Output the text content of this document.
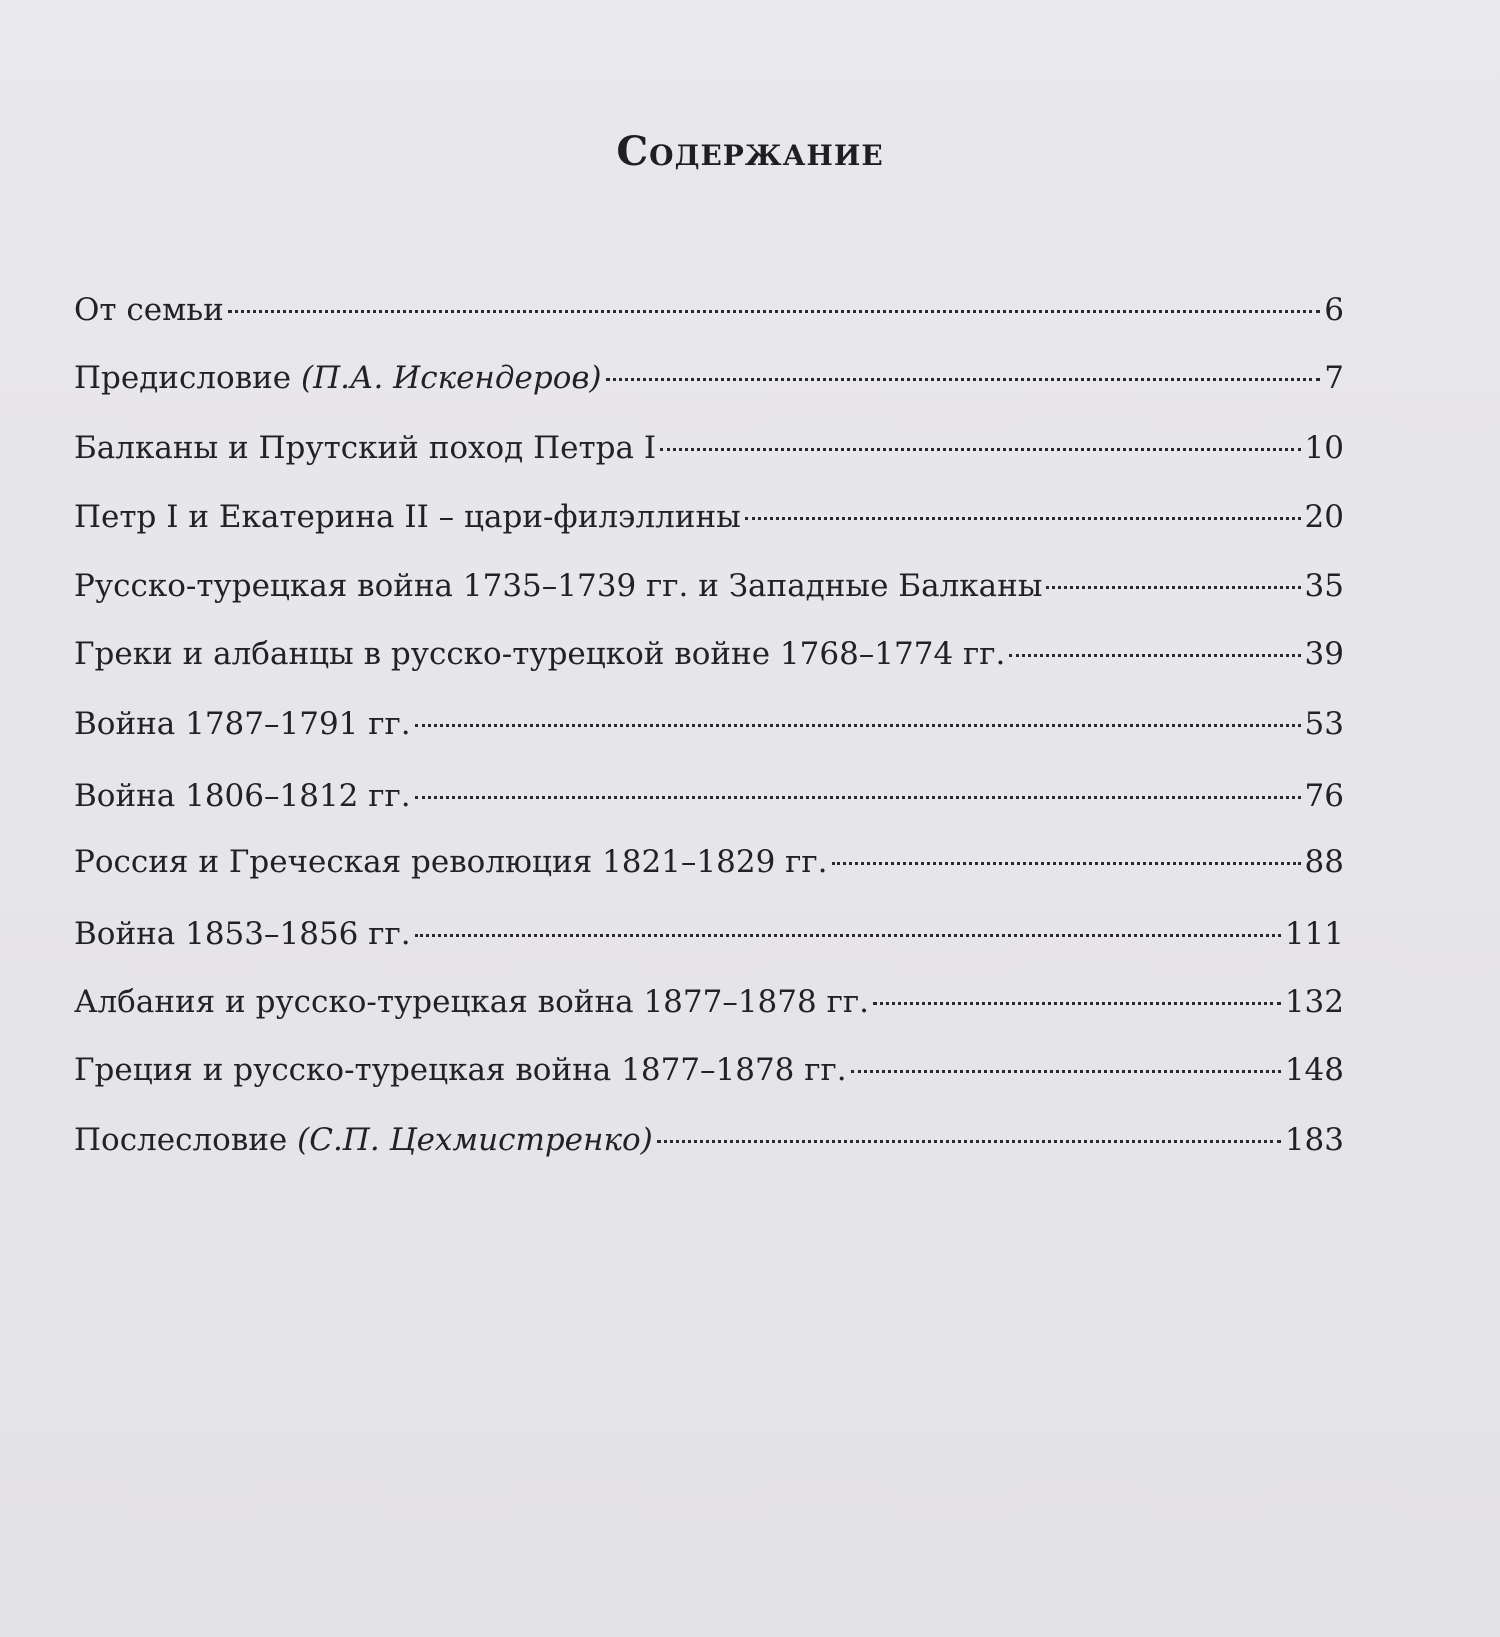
Содержание
От семьи	6
Предисловие (П.А. Искендеров)	7
Балканы и Прутский поход Петра I	10
Петр I и Екатерина II – цари-филэллины	20
Русско-турецкая война 1735–1739 гг. и Западные Балканы	35
Греки и албанцы в русско-турецкой войне 1768–1774 гг.	39
Война 1787–1791 гг.	53
Война 1806–1812 гг.	76
Россия и Греческая революция 1821–1829 гг.	88
Война 1853–1856 гг.	111
Албания и русско-турецкая война 1877–1878 гг.	132
Греция и русско-турецкая война 1877–1878 гг.	148
Послесловие (С.П. Цехмистренко)	183
